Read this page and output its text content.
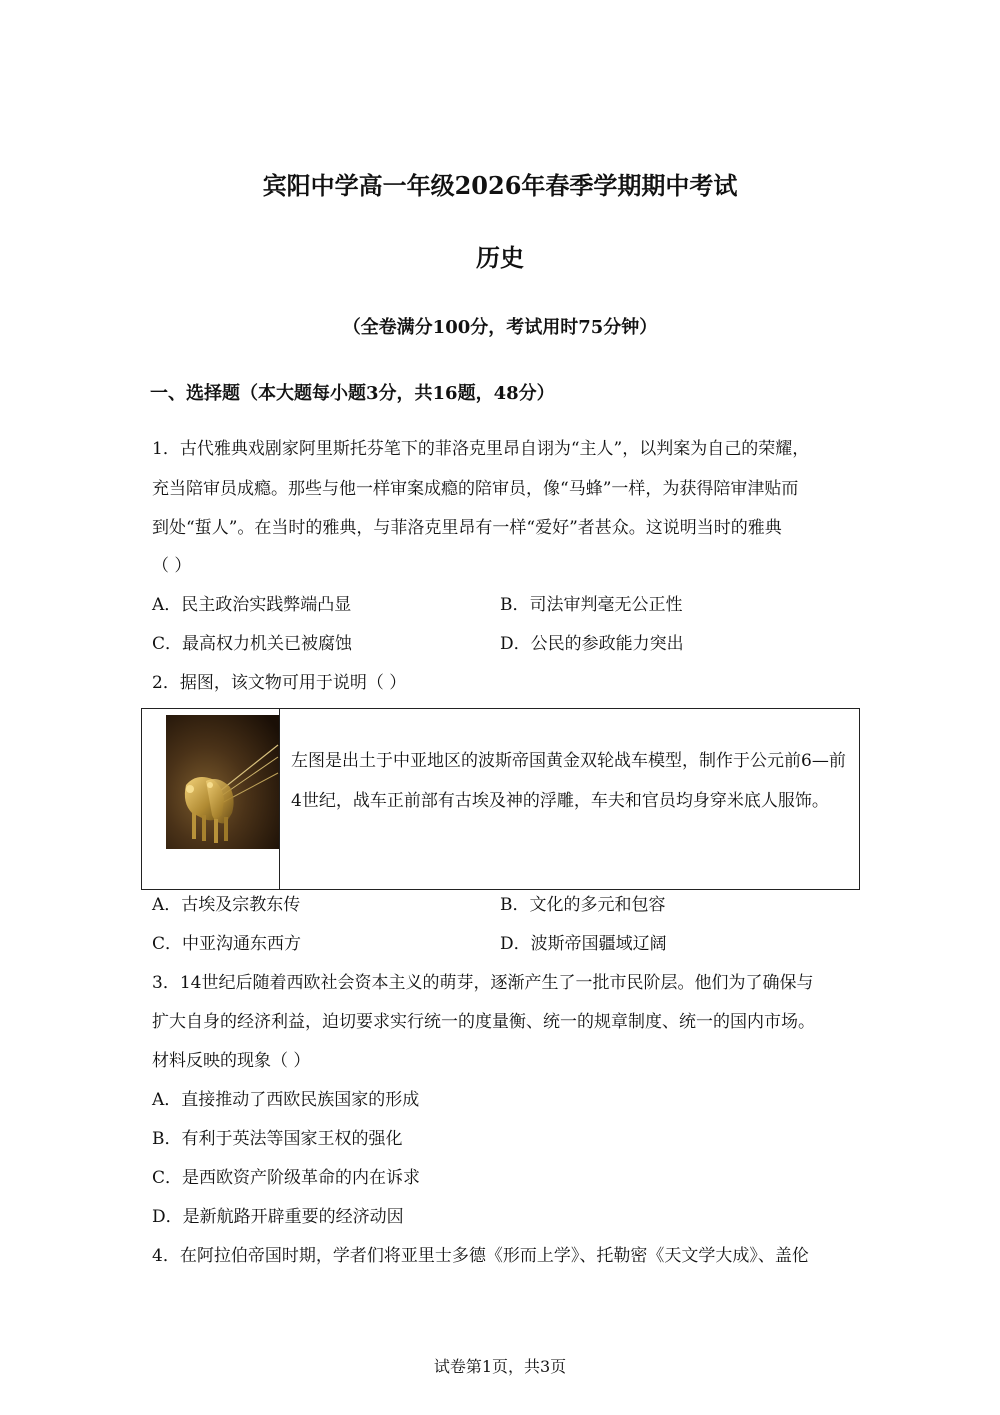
宾阳中学高一年级2026年春季学期期中考试
历史
（全卷满分100分，考试用时75分钟）
一、选择题（本大题每小题3分，共16题，48分）
1．古代雅典戏剧家阿里斯托芬笔下的菲洛克里昂自诩为“主人”，以判案为自己的荣耀，
充当陪审员成瘾。那些与他一样审案成瘾的陪审员，像“马蜂”一样，为获得陪审津贴而
到处“蜇人”。在当时的雅典，与菲洛克里昂有一样“爱好”者甚众。这说明当时的雅典
（ ）
A．民主政治实践弊端凸显	B．司法审判毫无公正性
C．最高权力机关已被腐蚀	D．公民的参政能力突出
2．据图，该文物可用于说明（ ）
左图是出土于中亚地区的波斯帝国黄金双轮战车模型，制作于公元前6—前4世纪，战车正前部有古埃及神的浮雕，车夫和官员均身穿米底人服饰。
A．古埃及宗教东传	B．文化的多元和包容
C．中亚沟通东西方	D．波斯帝国疆域辽阔
3．14世纪后随着西欧社会资本主义的萌芽，逐渐产生了一批市民阶层。他们为了确保与
扩大自身的经济利益，迫切要求实行统一的度量衡、统一的规章制度、统一的国内市场。
材料反映的现象（ ）
A．直接推动了西欧民族国家的形成
B．有利于英法等国家王权的强化
C．是西欧资产阶级革命的内在诉求
D．是新航路开辟重要的经济动因
4．在阿拉伯帝国时期，学者们将亚里士多德《形而上学》、托勒密《天文学大成》、盖伦
试卷第1页，共3页
